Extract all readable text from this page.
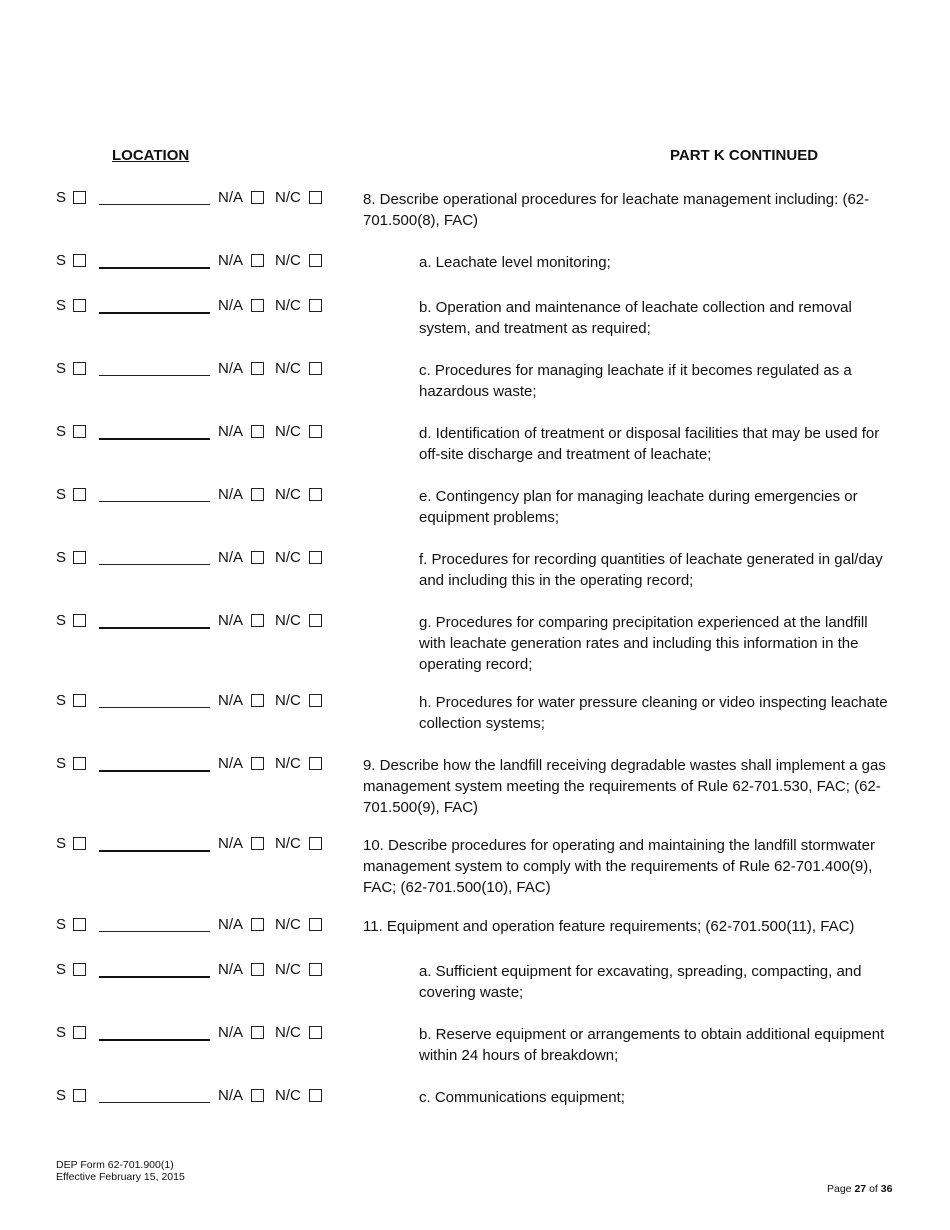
LOCATION	PART K CONTINUED
S	N/A N/C	8. Describe operational procedures for leachate management including: (62-701.500(8), FAC)
S	N/A N/C	a. Leachate level monitoring;
S	N/A N/C	b. Operation and maintenance of leachate collection and removal system, and treatment as required;
S	N/A N/C	c. Procedures for managing leachate if it becomes regulated as a hazardous waste;
S	N/A N/C	d. Identification of treatment or disposal facilities that may be used for off-site discharge and treatment of leachate;
S	N/A N/C	e. Contingency plan for managing leachate during emergencies or equipment problems;
S	N/A N/C	f. Procedures for recording quantities of leachate generated in gal/day and including this in the operating record;
S	N/A N/C	g. Procedures for comparing precipitation experienced at the landfill with leachate generation rates and including this information in the operating record;
S	N/A N/C	h. Procedures for water pressure cleaning or video inspecting leachate collection systems;
S	N/A N/C	9. Describe how the landfill receiving degradable wastes shall implement a gas management system meeting the requirements of Rule 62-701.530, FAC; (62-701.500(9), FAC)
S	N/A N/C	10. Describe procedures for operating and maintaining the landfill stormwater management system to comply with the requirements of Rule 62-701.400(9), FAC; (62-701.500(10), FAC)
S	N/A N/C	11. Equipment and operation feature requirements; (62-701.500(11), FAC)
S	N/A N/C	a. Sufficient equipment for excavating, spreading, compacting, and covering waste;
S	N/A N/C	b. Reserve equipment or arrangements to obtain additional equipment within 24 hours of breakdown;
S	N/A N/C	c. Communications equipment;
DEP Form 62-701.900(1)
Effective February 15, 2015
Page 27 of 36
